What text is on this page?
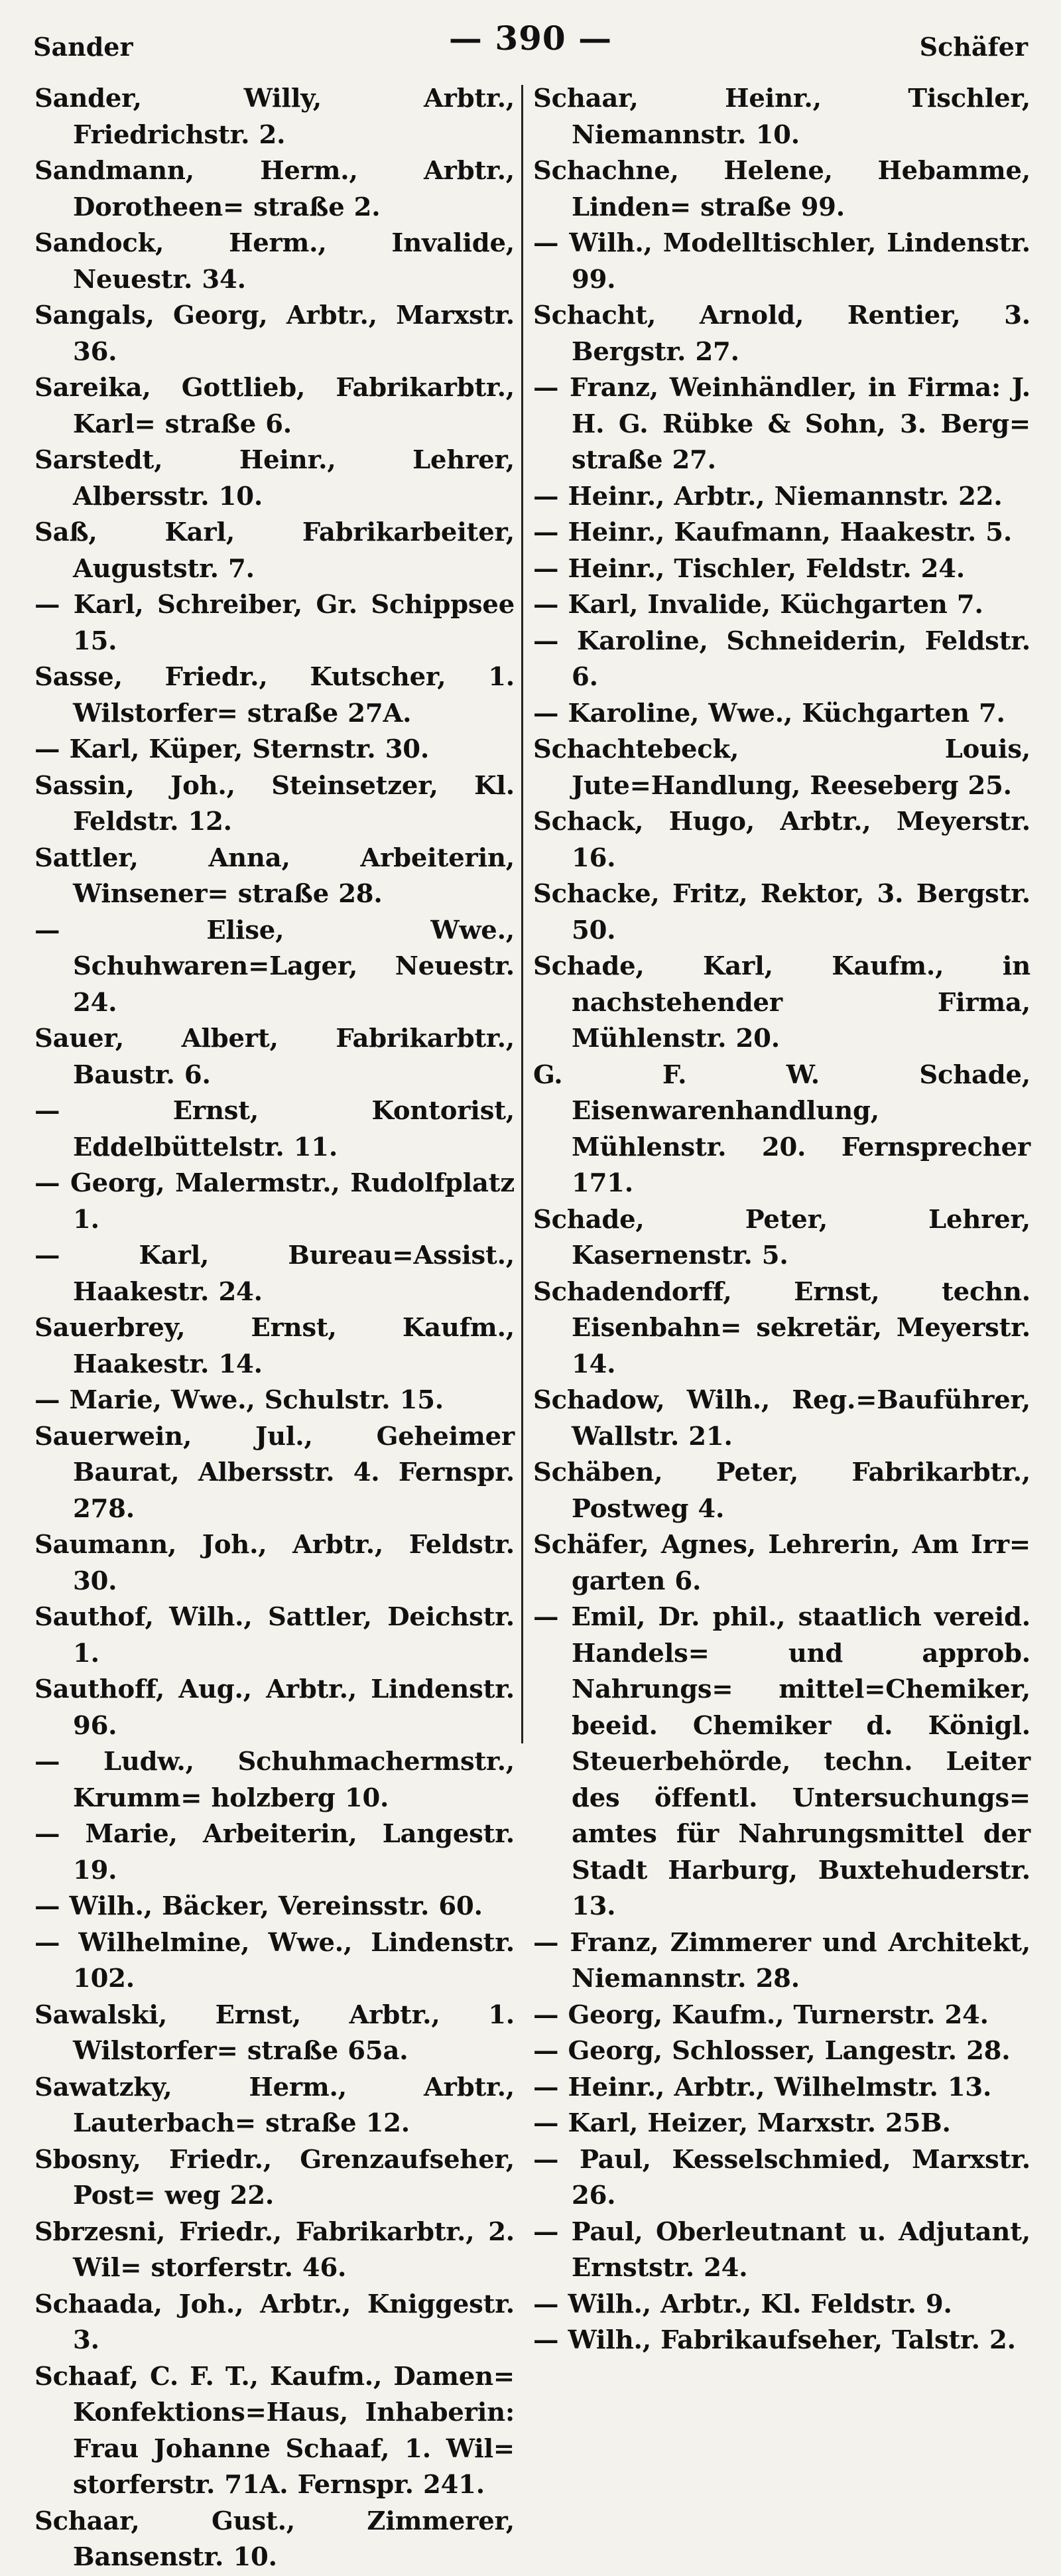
Sander	— 390 —	Schäfer
Sander, Willy, Arbtr., Friedrichstr. 2.
Sandmann, Herm., Arbtr., Dorotheen= straße 2.
Sandock, Herm., Invalide, Neuestr. 34.
Sangals, Georg, Arbtr., Marxstr. 36.
Sareika, Gottlieb, Fabrikarbtr., Karl= straße 6.
Sarstedt, Heinr., Lehrer, Albersstr. 10.
Saß, Karl, Fabrikarbeiter, Auguststr. 7.
— Karl, Schreiber, Gr. Schippsee 15.
Sasse, Friedr., Kutscher, 1. Wilstorfer= straße 27A.
— Karl, Küper, Sternstr. 30.
Sassin, Joh., Steinsetzer, Kl. Feldstr. 12.
Sattler, Anna, Arbeiterin, Winsener= straße 28.
— Elise, Wwe., Schuhwaren=Lager, Neuestr. 24.
Sauer, Albert, Fabrikarbtr., Baustr. 6.
— Ernst, Kontorist, Eddelbüttelstr. 11.
— Georg, Malermstr., Rudolfplatz 1.
— Karl, Bureau=Assist., Haakestr. 24.
Sauerbrey, Ernst, Kaufm., Haakestr. 14.
— Marie, Wwe., Schulstr. 15.
Sauerwein, Jul., Geheimer Baurat, Albersstr. 4. Fernspr. 278.
Saumann, Joh., Arbtr., Feldstr. 30.
Sauthof, Wilh., Sattler, Deichstr. 1.
Sauthoff, Aug., Arbtr., Lindenstr. 96.
— Ludw., Schuhmachermstr., Krumm= holzberg 10.
— Marie, Arbeiterin, Langestr. 19.
— Wilh., Bäcker, Vereinsstr. 60.
— Wilhelmine, Wwe., Lindenstr. 102.
Sawalski, Ernst, Arbtr., 1. Wilstorfer= straße 65a.
Sawatzky, Herm., Arbtr., Lauterbach= straße 12.
Sbosny, Friedr., Grenzaufseher, Post= weg 22.
Sbrzesni, Friedr., Fabrikarbtr., 2. Wil= storferstr. 46.
Schaada, Joh., Arbtr., Kniggestr. 3.
Schaaf, C. F. T., Kaufm., Damen= Konfektions=Haus, Inhaberin: Frau Johanne Schaaf, 1. Wil= storferstr. 71A. Fernspr. 241.
Schaar, Gust., Zimmerer, Bansenstr. 10.
Schaar, Heinr., Tischler, Niemannstr. 10.
Schachne, Helene, Hebamme, Linden= straße 99.
— Wilh., Modelltischler, Lindenstr. 99.
Schacht, Arnold, Rentier, 3. Bergstr. 27.
— Franz, Weinhändler, in Firma: J. H. G. Rübke & Sohn, 3. Berg= straße 27.
— Heinr., Arbtr., Niemannstr. 22.
— Heinr., Kaufmann, Haakestr. 5.
— Heinr., Tischler, Feldstr. 24.
— Karl, Invalide, Küchgarten 7.
— Karoline, Schneiderin, Feldstr. 6.
— Karoline, Wwe., Küchgarten 7.
Schachtebeck, Louis, Jute=Handlung, Reeseberg 25.
Schack, Hugo, Arbtr., Meyerstr. 16.
Schacke, Fritz, Rektor, 3. Bergstr. 50.
Schade, Karl, Kaufm., in nachstehender Firma, Mühlenstr. 20.
G. F. W. Schade, Eisenwarenhandlung, Mühlenstr. 20. Fernsprecher 171.
Schade, Peter, Lehrer, Kasernenstr. 5.
Schadendorff, Ernst, techn. Eisenbahn= sekretär, Meyerstr. 14.
Schadow, Wilh., Reg.=Bauführer, Wallstr. 21.
Schäben, Peter, Fabrikarbtr., Postweg 4.
Schäfer, Agnes, Lehrerin, Am Irr= garten 6.
— Emil, Dr. phil., staatlich vereid. Handels= und approb. Nahrungs= mittel=Chemiker, beeid. Chemiker d. Königl. Steuerbehörde, techn. Leiter des öffentl. Untersuchungs= amtes für Nahrungsmittel der Stadt Harburg, Buxtehuderstr. 13.
— Franz, Zimmerer und Architekt, Niemannstr. 28.
— Georg, Kaufm., Turnerstr. 24.
— Georg, Schlosser, Langestr. 28.
— Heinr., Arbtr., Wilhelmstr. 13.
— Karl, Heizer, Marxstr. 25B.
— Paul, Kesselschmied, Marxstr. 26.
— Paul, Oberleutnant u. Adjutant, Ernststr. 24.
— Wilh., Arbtr., Kl. Feldstr. 9.
— Wilh., Fabrikaufseher, Talstr. 2.
